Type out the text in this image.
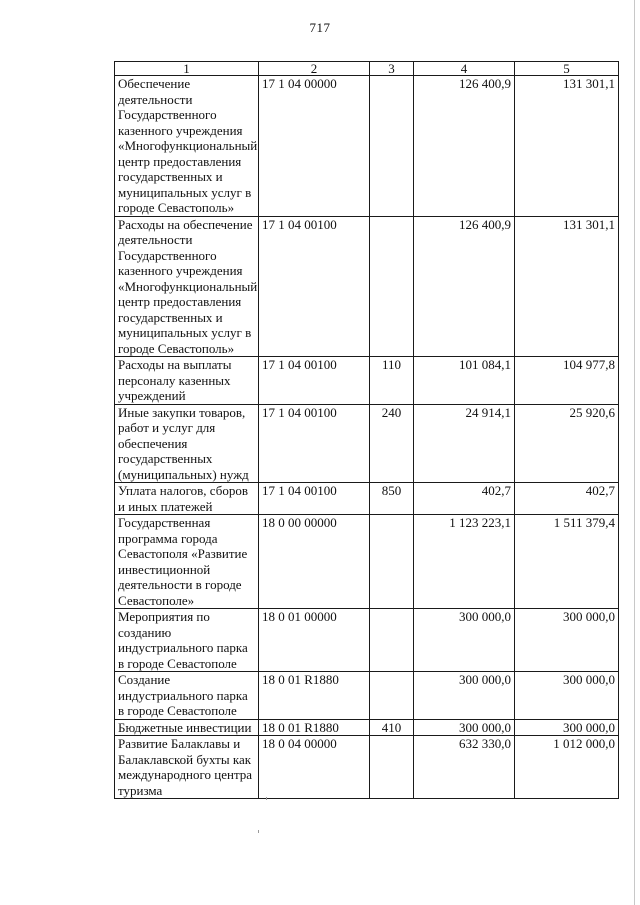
717
1	2	3	4	5
Обеспечение деятельности Государственного казенного учреждения «Многофункциональный центр предоставления государственных и муниципальных услуг в городе Севастополь»	17 1 04 00000		126 400,9	131 301,1
Расходы на обеспечение деятельности Государственного казенного учреждения «Многофункциональный центр предоставления государственных и муниципальных услуг в городе Севастополь»	17 1 04 00100		126 400,9	131 301,1
Расходы на выплаты персоналу казенных учреждений	17 1 04 00100	110	101 084,1	104 977,8
Иные закупки товаров, работ и услуг для обеспечения государственных (муниципальных) нужд	17 1 04 00100	240	24 914,1	25 920,6
Уплата налогов, сборов и иных платежей	17 1 04 00100	850	402,7	402,7
Государственная программа города Севастополя «Развитие инвестиционной деятельности в городе Севастополе»	18 0 00 00000		1 123 223,1	1 511 379,4
Мероприятия по созданию индустриального парка в городе Севастополе	18 0 01 00000		300 000,0	300 000,0
Создание индустриального парка в городе Севастополе	18 0 01 R1880		300 000,0	300 000,0
Бюджетные инвестиции	18 0 01 R1880	410	300 000,0	300 000,0
Развитие Балаклавы и Балаклавской бухты как международного центра туризма	18 0 04 00000		632 330,0	1 012 000,0
